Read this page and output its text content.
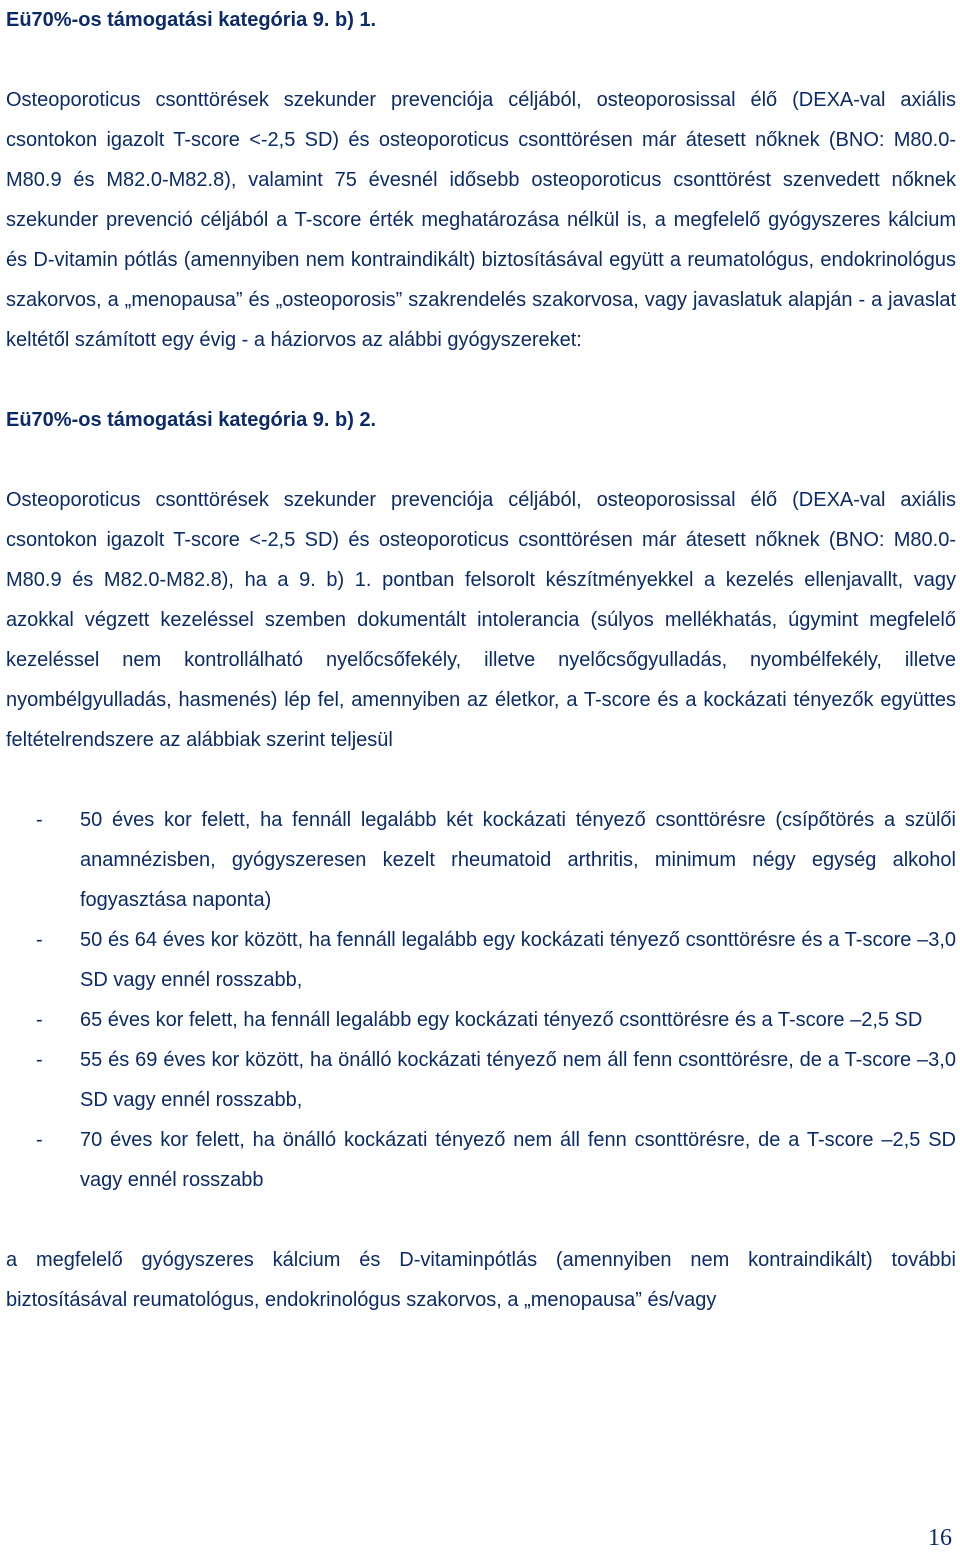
Eü70%-os támogatási kategória 9. b) 1.

Osteoporoticus csonttörések szekunder prevenciója céljából, osteoporosissal élő (DEXA-val axiális csontokon igazolt T-score <-2,5 SD) és osteoporoticus csonttörésen már átesett nőknek (BNO: M80.0-M80.9 és M82.0-M82.8), valamint 75 évesnél idősebb osteoporoticus csonttörést szenvedett nőknek szekunder prevenció céljából a T-score érték meghatározása nélkül is, a megfelelő gyógyszeres kálcium és D-vitamin pótlás (amennyiben nem kontraindikált) biztosításával együtt a reumatológus, endokrinológus szakorvos, a „menopausa” és „osteoporosis” szakrendelés szakorvosa, vagy javaslatuk alapján - a javaslat keltétől számított egy évig - a háziorvos az alábbi gyógyszereket:

Eü70%-os támogatási kategória 9. b) 2.

Osteoporoticus csonttörések szekunder prevenciója céljából, osteoporosissal élő (DEXA-val axiális csontokon igazolt T-score <-2,5 SD) és osteoporoticus csonttörésen már átesett nőknek (BNO: M80.0-M80.9 és M82.0-M82.8), ha a 9. b) 1. pontban felsorolt készítményekkel a kezelés ellenjavallt, vagy azokkal végzett kezeléssel szemben dokumentált intolerancia (súlyos mellékhatás, úgymint megfelelő kezeléssel nem kontrollálható nyelőcsőfekély, illetve nyelőcsőgyulladás, nyombélfekély, illetve nyombélgyulladás, hasmenés) lép fel, amennyiben az életkor, a T-score és a kockázati tényezők együttes feltételrendszere az alábbiak szerint teljesül

- 50 éves kor felett, ha fennáll legalább két kockázati tényező csonttörésre (csípőtörés a szülői anamnézisben, gyógyszeresen kezelt rheumatoid arthritis, minimum négy egység alkohol fogyasztása naponta)
- 50 és 64 éves kor között, ha fennáll legalább egy kockázati tényező csonttörésre és a T-score –3,0 SD vagy ennél rosszabb,
- 65 éves kor felett, ha fennáll legalább egy kockázati tényező csonttörésre és a T-score –2,5 SD
- 55 és 69 éves kor között, ha önálló kockázati tényező nem áll fenn csonttörésre, de a T-score –3,0 SD vagy ennél rosszabb,
- 70 éves kor felett, ha önálló kockázati tényező nem áll fenn csonttörésre, de a T-score –2,5 SD vagy ennél rosszabb

a megfelelő gyógyszeres kálcium és D-vitaminpótlás (amennyiben nem kontraindikált) további biztosításával reumatológus, endokrinológus szakorvos, a „menopausa” és/vagy

16
